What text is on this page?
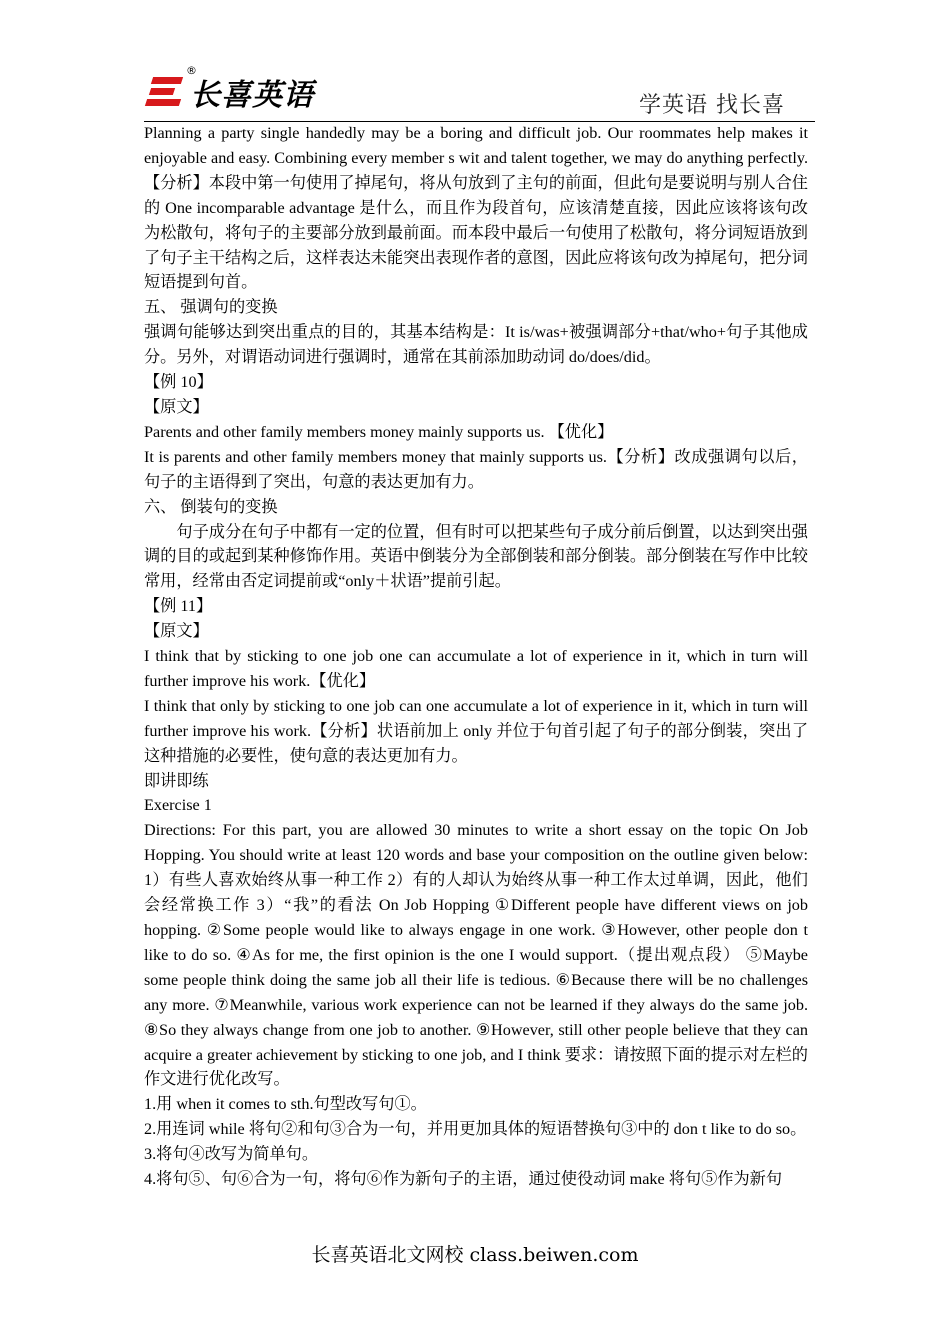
®
长喜英语	学英语 找长喜

Planning a party single handedly may be a boring and difficult job. Our roommates help makes it enjoyable and easy. Combining every member s wit and talent together, we may do anything perfectly.【分析】本段中第一句使用了掉尾句，将从句放到了主句的前面，但此句是要说明与别人合住的 One incomparable advantage 是什么，而且作为段首句，应该清楚直接，因此应该将该句改为松散句，将句子的主要部分放到最前面。而本段中最后一句使用了松散句，将分词短语放到了句子主干结构之后，这样表达未能突出表现作者的意图，因此应将该句改为掉尾句，把分词短语提到句首。

五、 强调句的变换

强调句能够达到突出重点的目的，其基本结构是：It is/was+被强调部分+that/who+句子其他成分。另外，对谓语动词进行强调时，通常在其前添加助动词 do/does/did。

【例 10】

【原文】

Parents and other family members money mainly supports us. 【优化】

It is parents and other family members money that mainly supports us.【分析】改成强调句以后，句子的主语得到了突出，句意的表达更加有力。

六、 倒装句的变换

句子成分在句子中都有一定的位置，但有时可以把某些句子成分前后倒置，以达到突出强调的目的或起到某种修饰作用。英语中倒装分为全部倒装和部分倒装。部分倒装在写作中比较常用，经常由否定词提前或“only＋状语”提前引起。

【例 11】

【原文】

I think that by sticking to one job one can accumulate a lot of experience in it, which in turn will further improve his work.【优化】

I think that only by sticking to one job can one accumulate a lot of experience in it, which in turn will further improve his work.【分析】状语前加上 only 并位于句首引起了句子的部分倒装，突出了这种措施的必要性，使句意的表达更加有力。

即讲即练

Exercise 1

Directions: For this part, you are allowed 30 minutes to write a short essay on the topic On Job Hopping. You should write at least 120 words and base your composition on the outline given below: 1）有些人喜欢始终从事一种工作 2）有的人却认为始终从事一种工作太过单调，因此，他们会经常换工作 3）“我”的看法 On Job Hopping ①Different people have different views on job hopping. ②Some people would like to always engage in one work. ③However, other people don t like to do so. ④As for me, the first opinion is the one I would support.（提出观点段） ⑤Maybe some people think doing the same job all their life is tedious. ⑥Because there will be no challenges any more. ⑦Meanwhile, various work experience can not be learned if they always do the same job. ⑧So they always change from one job to another. ⑨However, still other people believe that they can acquire a greater achievement by sticking to one job, and I think 要求：请按照下面的提示对左栏的作文进行优化改写。

1.用 when it comes to sth.句型改写句①。

2.用连词 while 将句②和句③合为一句，并用更加具体的短语替换句③中的 don t like to do so。

3.将句④改写为简单句。

4.将句⑤、句⑥合为一句，将句⑥作为新句子的主语，通过使役动词 make 将句⑤作为新句

长喜英语北文网校 class.beiwen.com
